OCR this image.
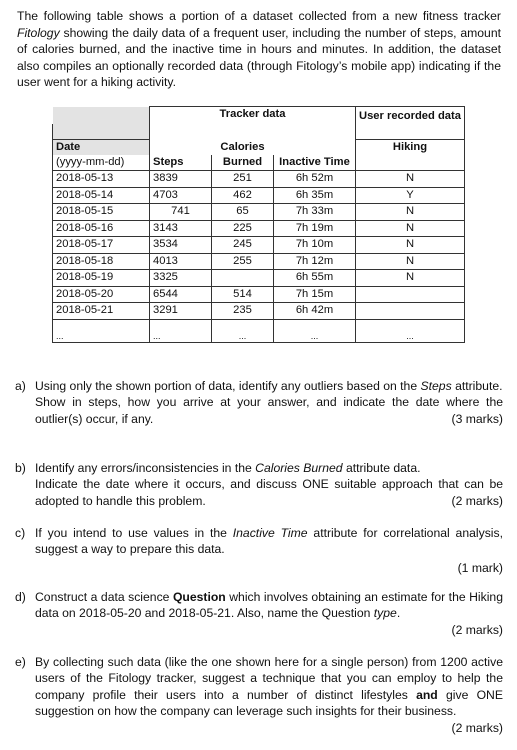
The following table shows a portion of a dataset collected from a new fitness tracker Fitology showing the daily data of a frequent user, including the number of steps, amount of calories burned, and the inactive time in hours and minutes. In addition, the dataset also compiles an optionally recorded data (through Fitology’s mobile app) indicating if the user went for a hiking activity.
	Tracker data			User recorded data

Date		Calories		Hiking
(yyyy-mm-dd)	Steps	Burned	Inactive Time	
2018-05-13	3839	251	6h 52m	N
2018-05-14	4703	462	6h 35m	Y
2018-05-15	741	65	7h 33m	N
2018-05-16	3143	225	7h 19m	N
2018-05-17	3534	245	7h 10m	N
2018-05-18	4013	255	7h 12m	N
2018-05-19	3325		6h 55m	N
2018-05-20	6544	514	7h 15m	
2018-05-21	3291	235	6h 42m	
...	...	...	...	...
a) Using only the shown portion of data, identify any outliers based on the Steps attribute.
Show in steps, how you arrive at your answer, and indicate the date where the outlier(s) occur, if any.	(3 marks)
b) Identify any errors/inconsistencies in the Calories Burned attribute data.
Indicate the date where it occurs, and discuss ONE suitable approach that can be adopted to handle this problem.	(2 marks)
c) If you intend to use values in the Inactive Time attribute for correlational analysis, suggest a way to prepare this data.
(1 mark)
d) Construct a data science Question which involves obtaining an estimate for the Hiking data on 2018-05-20 and 2018-05-21. Also, name the Question type.
(2 marks)
e) By collecting such data (like the one shown here for a single person) from 1200 active users of the Fitology tracker, suggest a technique that you can employ to help the company profile their users into a number of distinct lifestyles and give ONE suggestion on how the company can leverage such insights for their business.
(2 marks)
